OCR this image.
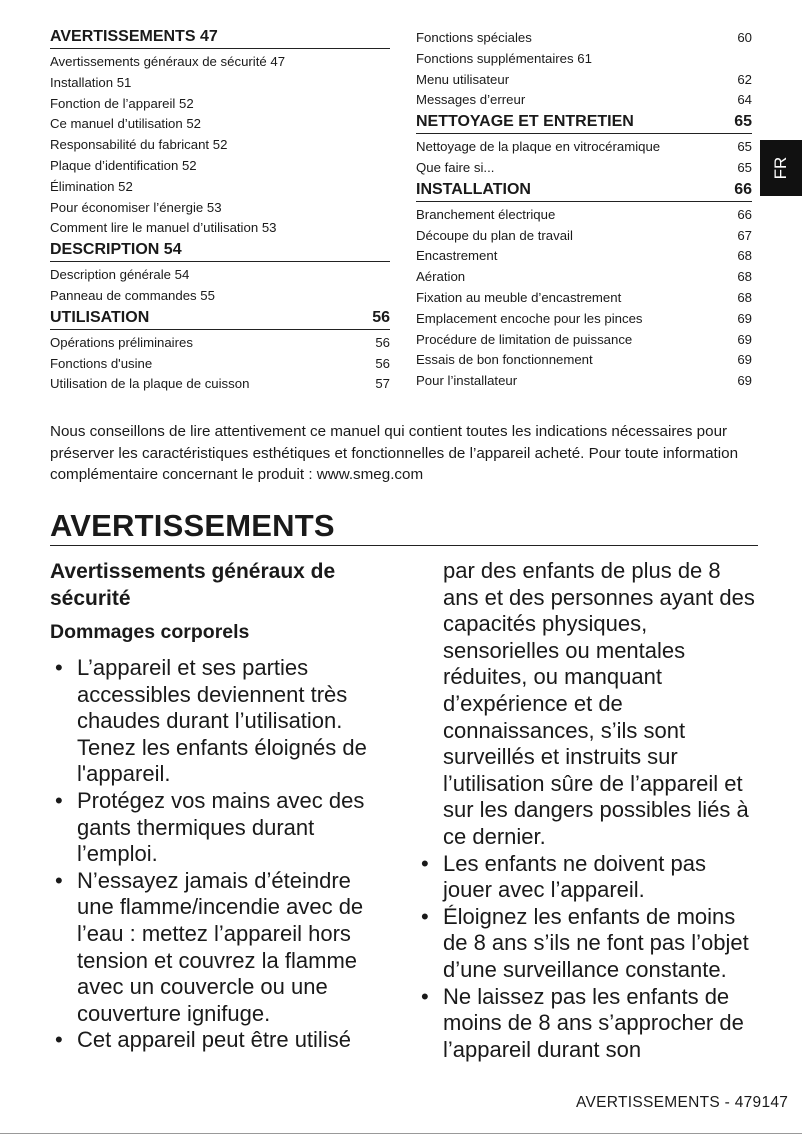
AVERTISSEMENTS 47
Avertissements généraux de sécurité 47
Installation 51
Fonction de l’appareil 52
Ce manuel d’utilisation 52
Responsabilité du fabricant 52
Plaque d’identification 52
Élimination 52
Pour économiser l’énergie 53
Comment lire le manuel d’utilisation 53
DESCRIPTION 54
Description générale 54
Panneau de commandes 55
UTILISATION	56
Opérations préliminaires	56
Fonctions d'usine	56
Utilisation de la plaque de cuisson	57
Fonctions spéciales	60
Fonctions supplémentaires 61
Menu utilisateur	62
Messages d’erreur	64
NETTOYAGE ET ENTRETIEN	65
Nettoyage de la plaque en vitrocéramique	65
Que faire si...	65
INSTALLATION	66
Branchement électrique	66
Découpe du plan de travail	67
Encastrement	68
Aération	68
Fixation au meuble d’encastrement	68
Emplacement encoche pour les pinces	69
Procédure de limitation de puissance	69
Essais de bon fonctionnement	69
Pour l’installateur	69
FR
Nous conseillons de lire attentivement ce manuel qui contient toutes les indications nécessaires pour préserver les caractéristiques esthétiques et fonctionnelles de l’appareil acheté. Pour toute information complémentaire concernant le produit : www.smeg.com
AVERTISSEMENTS
Avertissements généraux de sécurité
Dommages corporels
• L’appareil et ses parties accessibles deviennent très chaudes durant l’utilisation. Tenez les enfants éloignés de l'appareil.
• Protégez vos mains avec des gants thermiques durant l’emploi.
• N’essayez jamais d’éteindre une flamme/incendie avec de l’eau : mettez l’appareil hors tension et couvrez la flamme avec un couvercle ou une couverture ignifuge.
• Cet appareil peut être utilisé
par des enfants de plus de 8 ans et des personnes ayant des capacités physiques, sensorielles ou mentales réduites, ou manquant d’expérience et de connaissances, s’ils sont surveillés et instruits sur l’utilisation sûre de l’appareil et sur les dangers possibles liés à ce dernier.
• Les enfants ne doivent pas jouer avec l’appareil.
• Éloignez les enfants de moins de 8 ans s’ils ne font pas l’objet d’une surveillance constante.
• Ne laissez pas les enfants de moins de 8 ans s’approcher de l’appareil durant son
AVERTISSEMENTS - 479147
